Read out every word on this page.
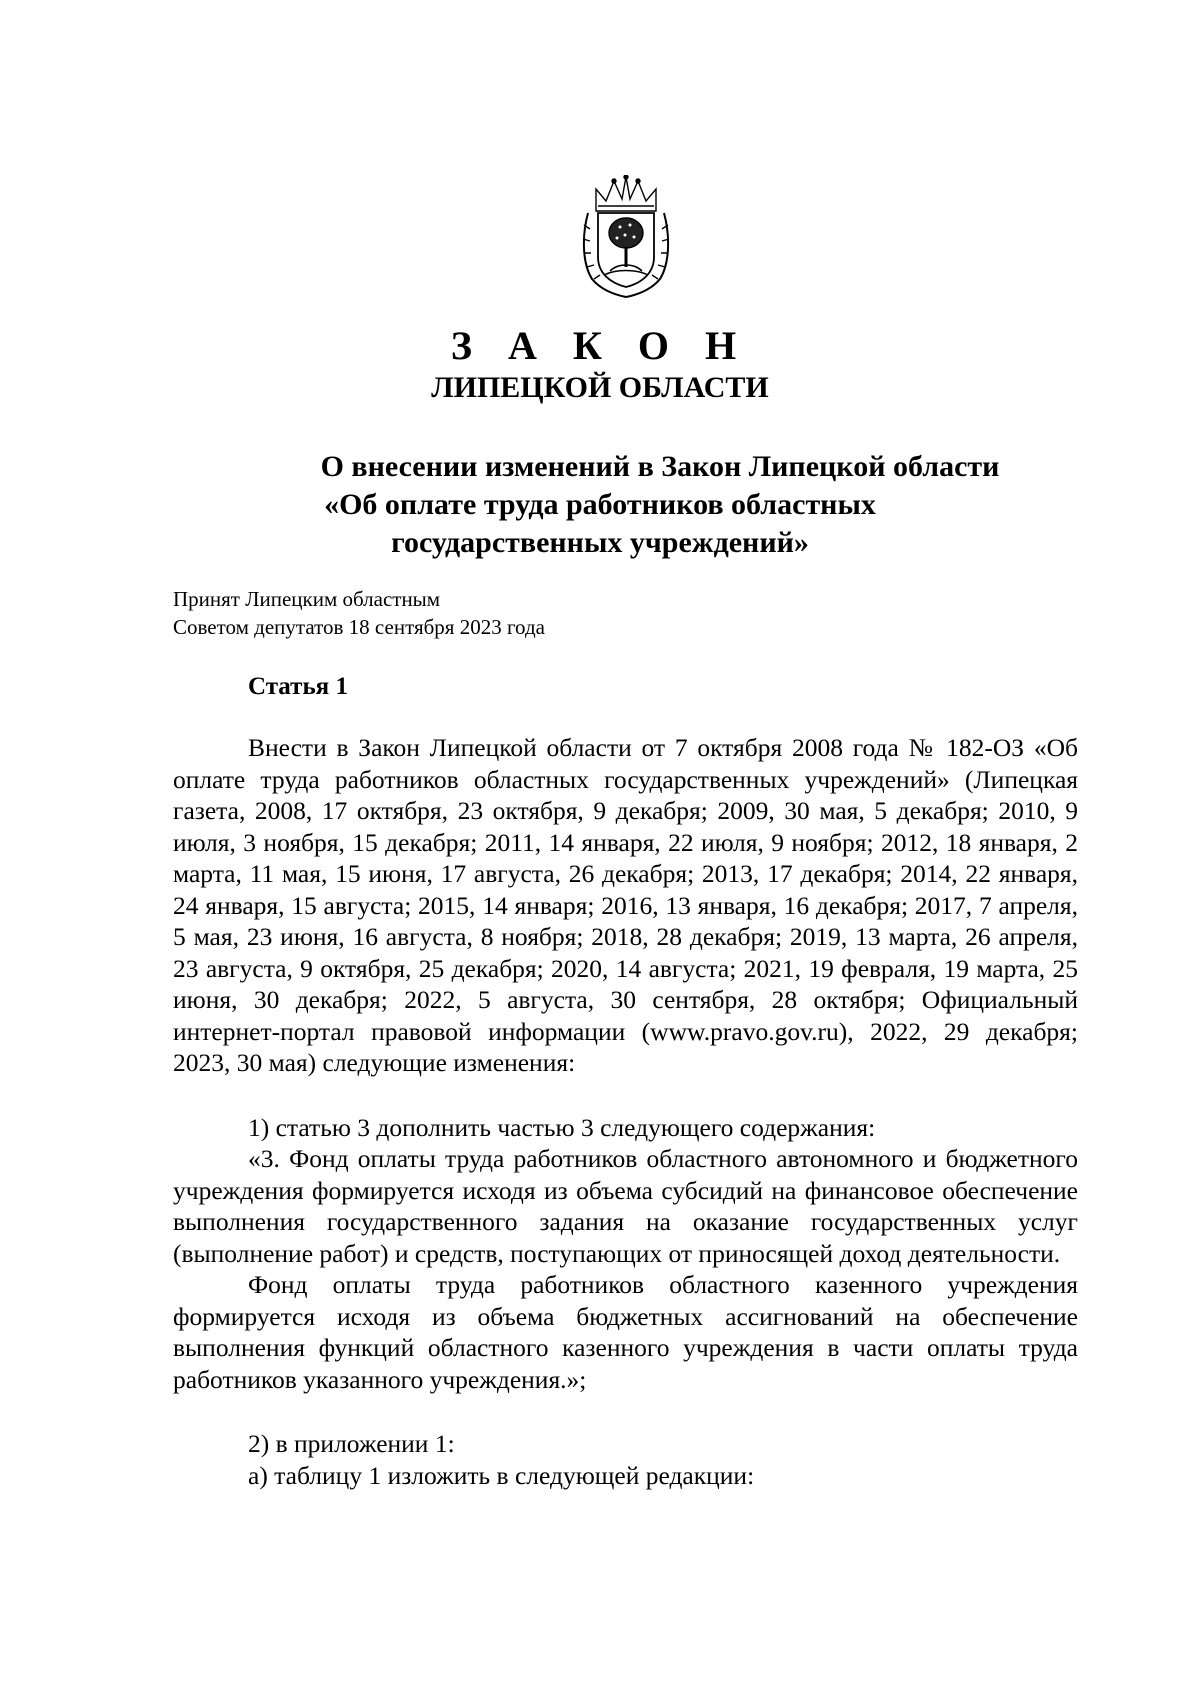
З А К О Н
ЛИПЕЦКОЙ ОБЛАСТИ
О внесении изменений в Закон Липецкой области
«Об оплате труда работников областных
государственных учреждений»
Принят Липецким областным
Советом депутатов 18 сентября 2023 года
Статья 1

Внести в Закон Липецкой области от 7 октября 2008 года № 182-ОЗ «Об оплате труда работников областных государственных учреждений» (Липецкая газета, 2008, 17 октября, 23 октября, 9 декабря; 2009, 30 мая, 5 декабря; 2010, 9 июля, 3 ноября, 15 декабря; 2011, 14 января, 22 июля, 9 ноября; 2012, 18 января, 2 марта, 11 мая, 15 июня, 17 августа, 26 декабря; 2013, 17 декабря; 2014, 22 января, 24 января, 15 августа; 2015, 14 января; 2016, 13 января, 16 декабря; 2017, 7 апреля, 5 мая, 23 июня, 16 августа, 8 ноября; 2018, 28 декабря; 2019, 13 марта, 26 апреля, 23 августа, 9 октября, 25 декабря; 2020, 14 августа; 2021, 19 февраля, 19 марта, 25 июня, 30 декабря; 2022, 5 августа, 30 сентября, 28 октября; Официальный интернет-портал правовой информации (www.pravo.gov.ru), 2022, 29 декабря; 2023, 30 мая) следующие изменения:

1) статью 3 дополнить частью 3 следующего содержания:

«3. Фонд оплаты труда работников областного автономного и бюджетного учреждения формируется исходя из объема субсидий на финансовое обеспечение выполнения государственного задания на оказание государственных услуг (выполнение работ) и средств, поступающих от приносящей доход деятельности.

Фонд оплаты труда работников областного казенного учреждения формируется исходя из объема бюджетных ассигнований на обеспечение выполнения функций областного казенного учреждения в части оплаты труда работников указанного учреждения.»;

2) в приложении 1:

а) таблицу 1 изложить в следующей редакции:
